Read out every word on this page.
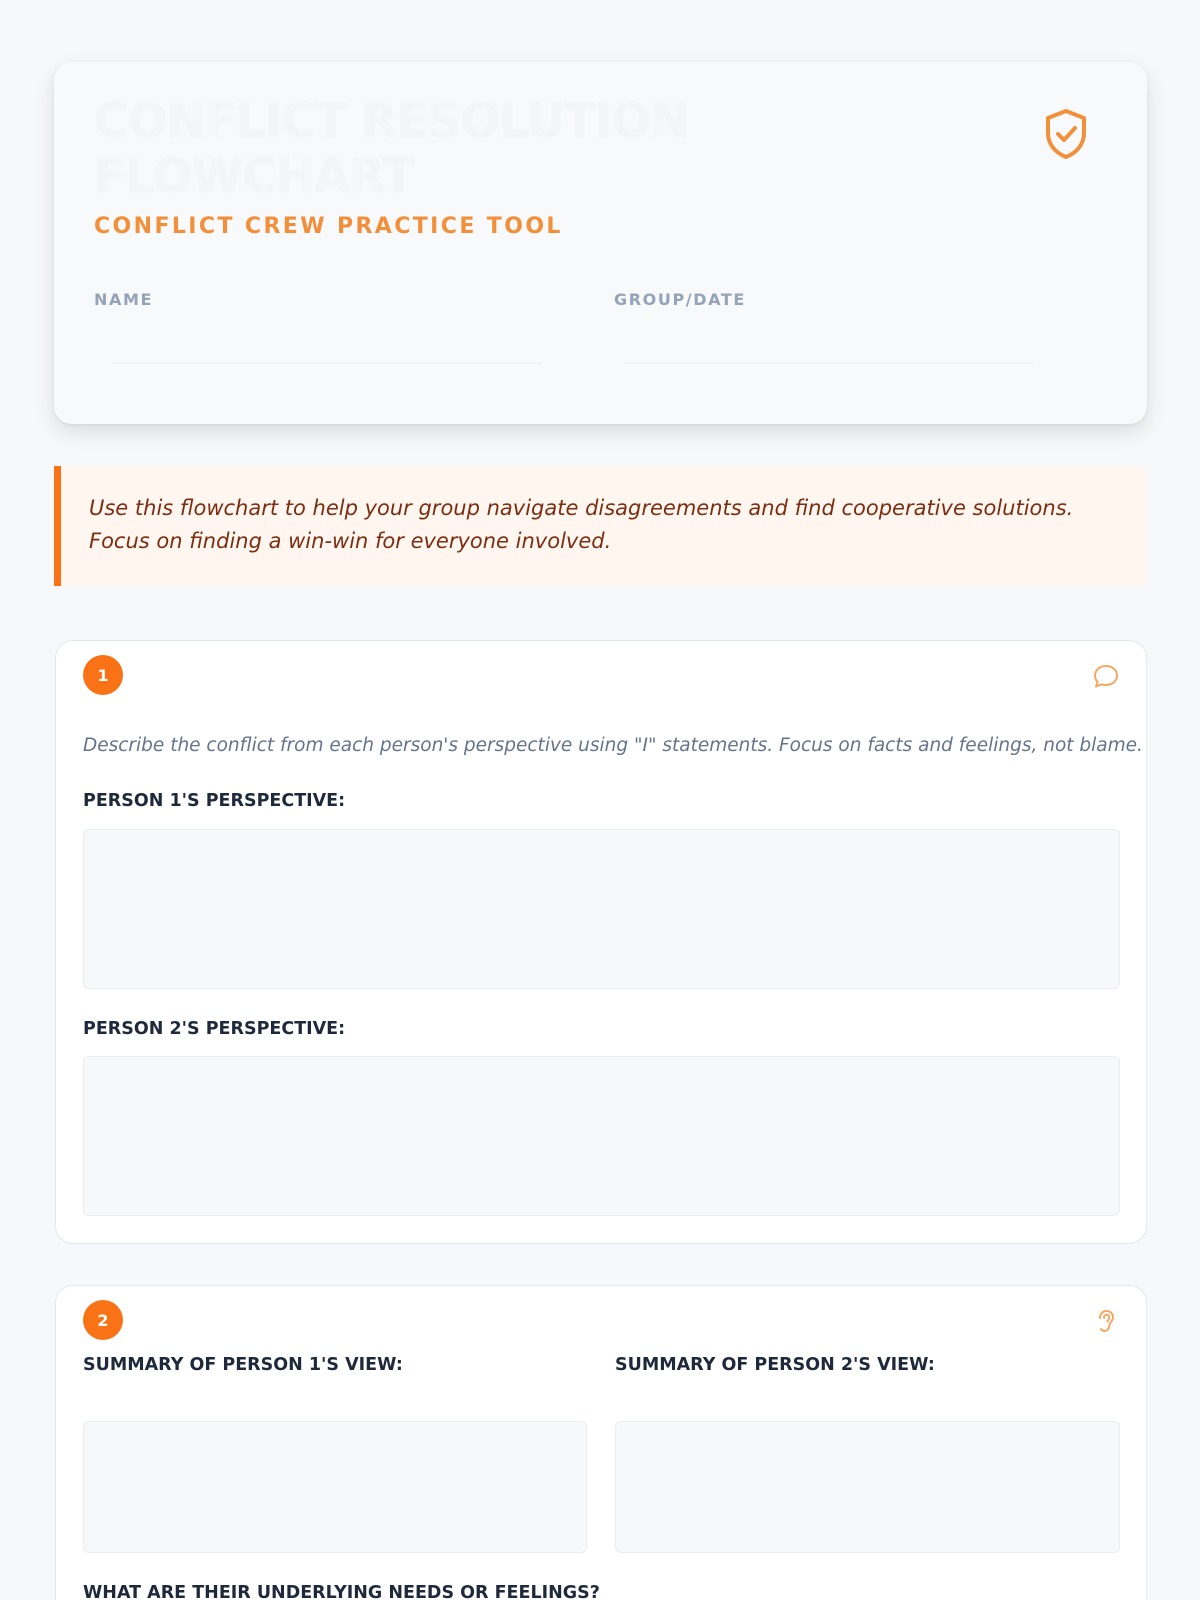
CONFLICT RESOLUTION FLOWCHART
CONFLICT CREW PRACTICE TOOL
NAME	GROUP/DATE
Use this flowchart to help your group navigate disagreements and find cooperative solutions. Focus on finding a win-win for everyone involved.
1
Describe the conflict from each person's perspective using "I" statements. Focus on facts and feelings, not blame.
PERSON 1'S PERSPECTIVE:
PERSON 2'S PERSPECTIVE:
2
SUMMARY OF PERSON 1'S VIEW:	SUMMARY OF PERSON 2'S VIEW:
WHAT ARE THEIR UNDERLYING NEEDS OR FEELINGS?
